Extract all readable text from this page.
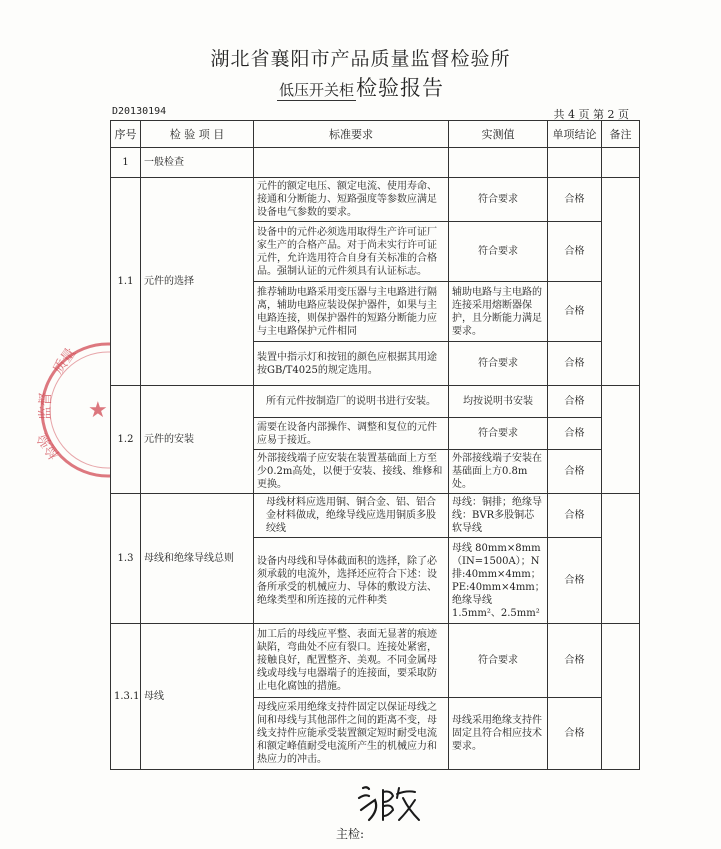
湖北省襄阳市产品质量监督检验所
低压开关柜检验报告
D20130194	共 4 页 第 2 页
序号	检 验 项 目	标准要求	实测值	单项结论	备注
1	一般检查				
1.1	元件的选择	元件的额定电压、额定电流、使用寿命、接通和分断能力、短路强度等参数应满足设备电气参数的要求。	符合要求	合格	
		设备中的元件必须选用取得生产许可证厂家生产的合格产品。对于尚未实行许可证元件，允许选用符合自身有关标准的合格品。强制认证的元件须具有认证标志。	符合要求	合格	
		推荐辅助电路采用变压器与主电路进行隔离，辅助电路应装设保护器件，如果与主电路连接，则保护器件的短路分断能力应与主电路保护元件相同	辅助电路与主电路的连接采用熔断器保护，且分断能力满足要求。	合格	
		装置中指示灯和按钮的颜色应根据其用途按GB/T4025的规定选用。	符合要求	合格	
1.2	元件的安装	所有元件按制造厂的说明书进行安装。	均按说明书安装	合格	
		需要在设备内部操作、调整和复位的元件应易于接近。	符合要求	合格	
		外部接线端子应安装在装置基础面上方至少0.2m高处，以便于安装、接线、维修和更换。	外部接线端子安装在基础面上方0.8m处。	合格	
1.3	母线和绝缘导线总则	母线材料应选用铜、铜合金、铝、铝合金材料做成，绝缘导线应选用铜质多股绞线	母线：铜排；绝缘导线：BVR多股铜芯软导线	合格	
		设备内母线和导体截面积的选择，除了必须承载的电流外，选择还应符合下述：设备所承受的机械应力、导体的敷设方法、绝缘类型和所连接的元件种类	母线 80mm×8mm （IN=1500A）；N排:40mm×4mm；PE:40mm×4mm；绝缘导线 1.5mm²、2.5mm²	合格	
1.3.1	母线	加工后的母线应平整、表面无显著的痕迹缺陷，弯曲处不应有裂口。连接处紧密，接触良好，配置整齐、美观。不同金属母线或母线与电器端子的连接面，要采取防止电化腐蚀的措施。	符合要求	合格	
		母线应采用绝缘支持件固定以保证母线之间和母线与其他部件之间的距离不变，母线支持件应能承受装置额定短时耐受电流和额定峰值耐受电流所产生的机械应力和热应力的冲击。	母线采用绝缘支持件固定且符合相应技术要求。	合格	
质量
监督
检验
★
主检:
